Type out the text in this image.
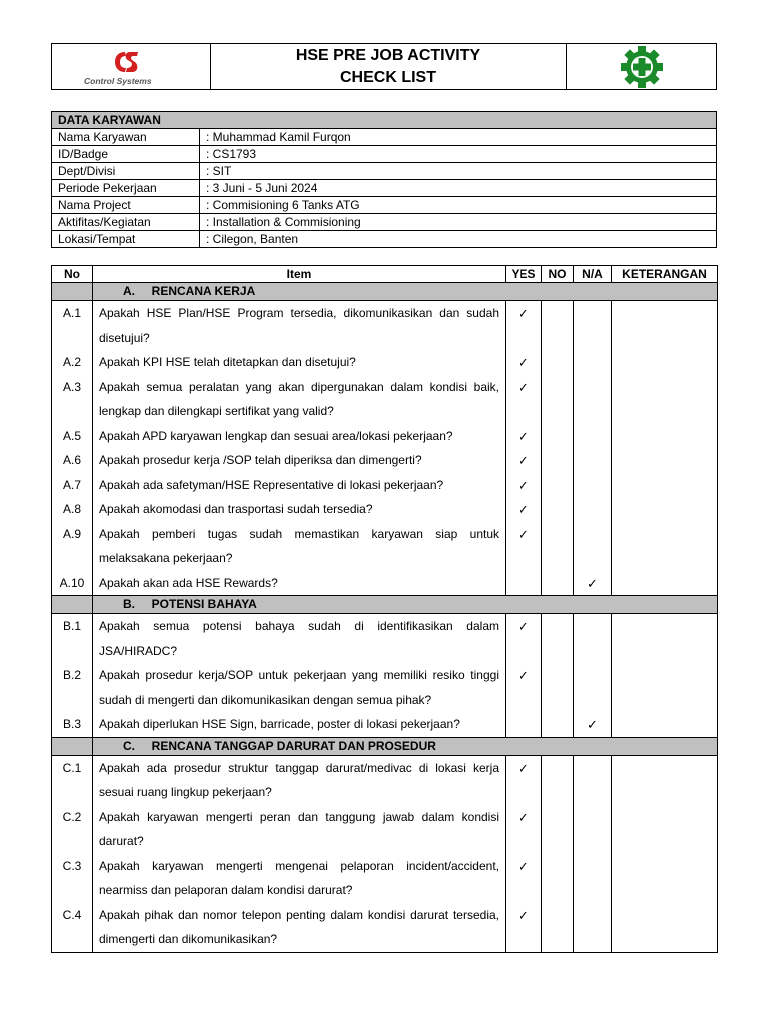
Control Systems
HSE PRE JOB ACTIVITY
CHECK LIST
DATA KARYAWAN	
Nama Karyawan	: Muhammad Kamil Furqon
ID/Badge	: CS1793
Dept/Divisi	: SIT
Periode Pekerjaan	: 3 Juni - 5 Juni 2024
Nama Project	: Commisioning 6 Tanks ATG
Aktifitas/Kegiatan	: Installation & Commisioning
Lokasi/Tempat	: Cilegon, Banten
No	Item	YES	NO	N/A	KETERANGAN
	A.     RENCANA KERJA				
A.1	Apakah HSE Plan/HSE Program tersedia, dikomunikasikan dan sudah disetujui?	✓			
A.2	Apakah KPI HSE telah ditetapkan dan disetujui?	✓			
A.3	Apakah semua peralatan yang akan dipergunakan dalam kondisi baik, lengkap dan dilengkapi sertifikat yang valid?	✓			
A.5	Apakah APD karyawan lengkap dan sesuai area/lokasi pekerjaan?	✓			
A.6	Apakah prosedur kerja /SOP telah diperiksa dan dimengerti?	✓			
A.7	Apakah ada safetyman/HSE Representative di lokasi pekerjaan?	✓			
A.8	Apakah akomodasi dan trasportasi sudah tersedia?	✓			
A.9	Apakah pemberi tugas sudah memastikan karyawan siap untuk melaksakana pekerjaan?	✓			
A.10	Apakah akan ada HSE Rewards?			✓	
	B.     POTENSI BAHAYA				
B.1	Apakah semua potensi bahaya sudah di identifikasikan dalam JSA/HIRADC?	✓			
B.2	Apakah prosedur kerja/SOP untuk pekerjaan yang memiliki resiko tinggi sudah di mengerti dan dikomunikasikan dengan semua pihak?	✓			
B.3	Apakah diperlukan HSE Sign, barricade, poster di lokasi pekerjaan?			✓	
	C.     RENCANA TANGGAP DARURAT DAN PROSEDUR				
C.1	Apakah ada prosedur struktur tanggap darurat/medivac di lokasi kerja sesuai ruang lingkup pekerjaan?	✓			
C.2	Apakah karyawan mengerti peran dan tanggung jawab dalam kondisi darurat?	✓			
C.3	Apakah karyawan mengerti mengenai pelaporan incident/accident, nearmiss dan pelaporan dalam kondisi darurat?	✓			
C.4	Apakah pihak dan nomor telepon penting dalam kondisi darurat tersedia, dimengerti dan dikomunikasikan?	✓			
